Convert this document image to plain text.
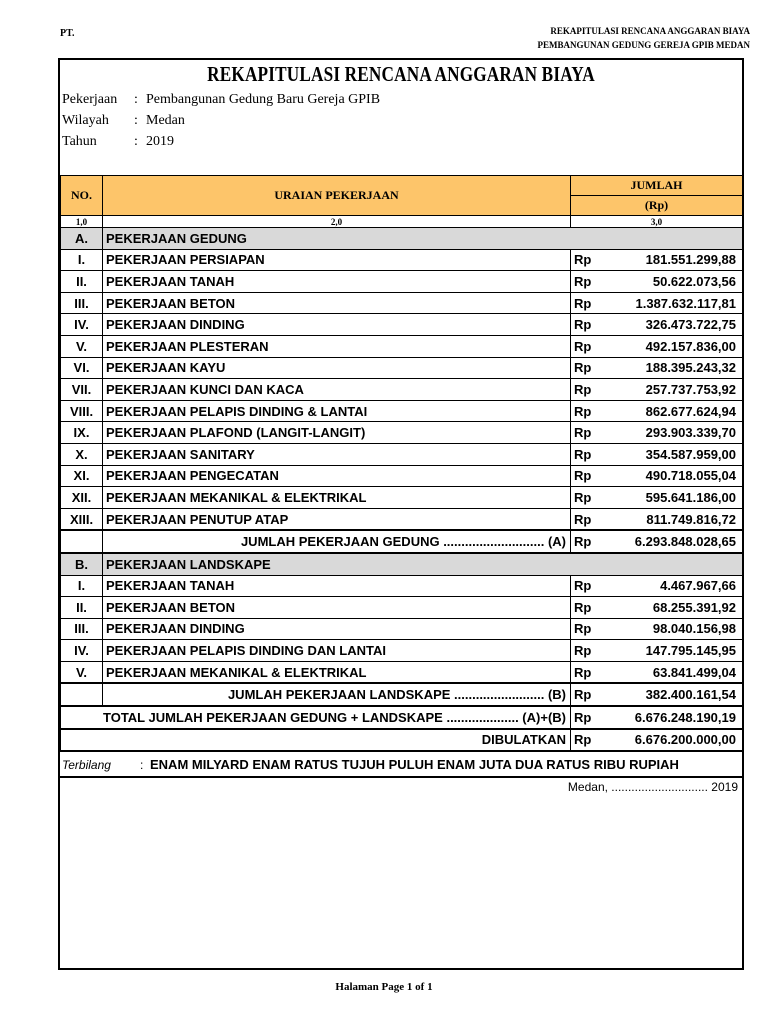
PT.	REKAPITULASI RENCANA ANGGARAN BIAYA
PEMBANGUNAN GEDUNG GEREJA GPIB MEDAN
REKAPITULASI RENCANA ANGGARAN BIAYA
Pekerjaan : Pembangunan Gedung Baru Gereja GPIB
Wilayah : Medan
Tahun	: 2019
NO.	URAIAN PEKERJAAN	JUMLAH	
		(Rp)	
1,0	2,0	3,0	
A.	PEKERJAAN GEDUNG		
I.	PEKERJAAN PERSIAPAN	Rp	181.551.299,88
II.	PEKERJAAN TANAH	Rp	50.622.073,56
III.	PEKERJAAN BETON	Rp	1.387.632.117,81
IV.	PEKERJAAN DINDING	Rp	326.473.722,75
V.	PEKERJAAN PLESTERAN	Rp	492.157.836,00
VI.	PEKERJAAN KAYU	Rp	188.395.243,32
VII.	PEKERJAAN KUNCI DAN KACA	Rp	257.737.753,92
VIII.	PEKERJAAN PELAPIS DINDING & LANTAI	Rp	862.677.624,94
IX.	PEKERJAAN PLAFOND (LANGIT-LANGIT)	Rp	293.903.339,70
X.	PEKERJAAN SANITARY	Rp	354.587.959,00
XI.	PEKERJAAN PENGECATAN	Rp	490.718.055,04
XII.	PEKERJAAN MEKANIKAL & ELEKTRIKAL	Rp	595.641.186,00
XIII.	PEKERJAAN PENUTUP ATAP	Rp	811.749.816,72
	JUMLAH PEKERJAAN GEDUNG ............................ (A)	Rp	6.293.848.028,65
B.	PEKERJAAN LANDSKAPE		
I.	PEKERJAAN TANAH	Rp	4.467.967,66
II.	PEKERJAAN BETON	Rp	68.255.391,92
III.	PEKERJAAN DINDING	Rp	98.040.156,98
IV.	PEKERJAAN PELAPIS DINDING DAN LANTAI	Rp	147.795.145,95
V.	PEKERJAAN MEKANIKAL & ELEKTRIKAL	Rp	63.841.499,04
	JUMLAH PEKERJAAN LANDSKAPE ......................... (B)	Rp	382.400.161,54
TOTAL JUMLAH PEKERJAAN GEDUNG + LANDSKAPE .................... (A)+(B)		Rp	6.676.248.190,19
DIBULATKAN		Rp	6.676.200.000,00
Terbilang : ENAM MILYARD ENAM RATUS TUJUH PULUH ENAM JUTA DUA RATUS RIBU RUPIAH
Medan, ............................. 2019
Halaman Page 1 of 1
